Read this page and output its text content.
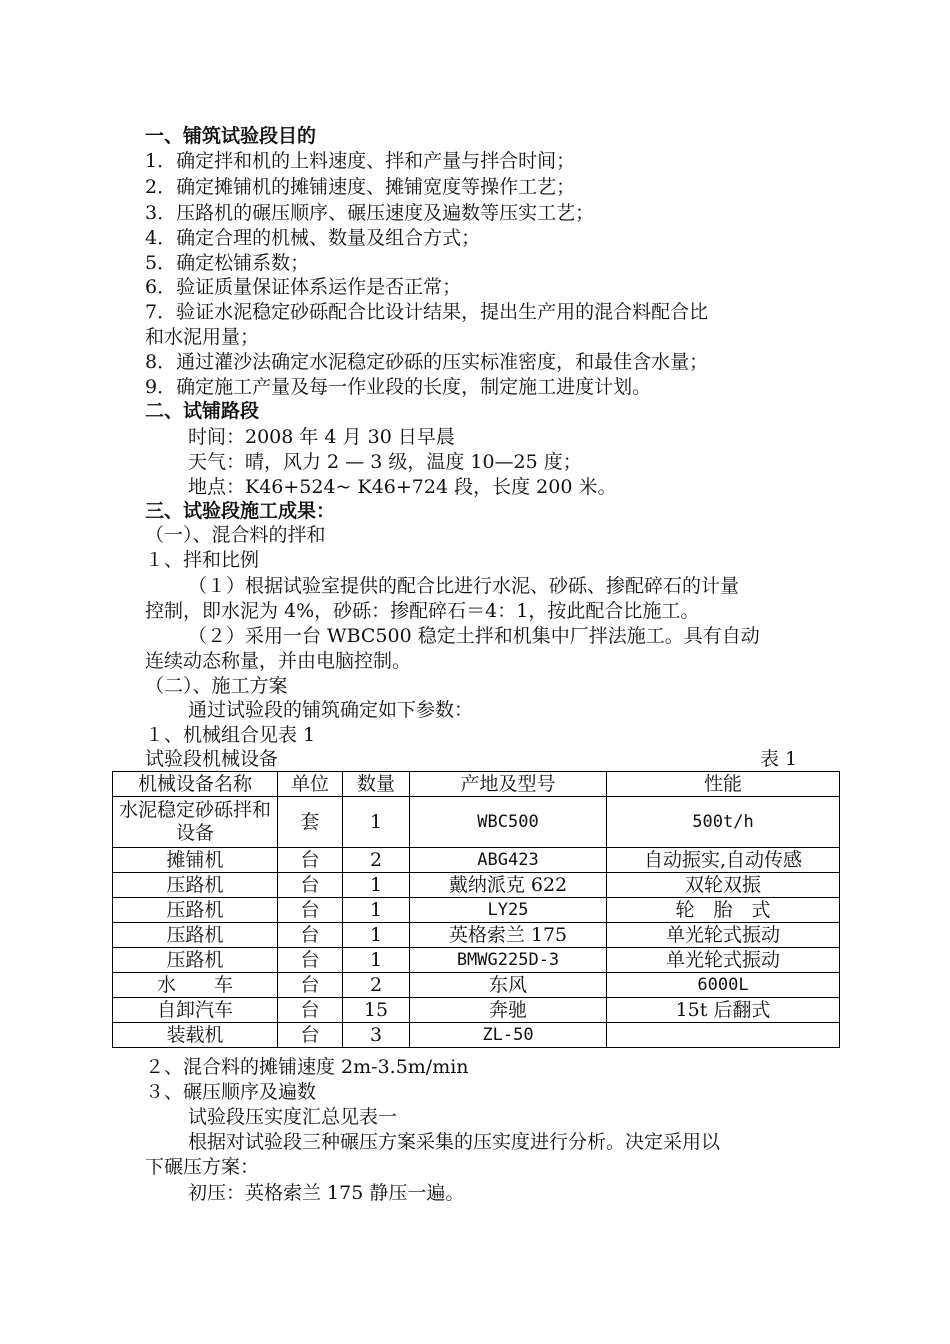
一、铺筑试验段目的
1．确定拌和机的上料速度、拌和产量与拌合时间；
2．确定摊铺机的摊铺速度、摊铺宽度等操作工艺；
3．压路机的碾压顺序、碾压速度及遍数等压实工艺；
4．确定合理的机械、数量及组合方式；
5．确定松铺系数；
6．验证质量保证体系运作是否正常；
7．验证水泥稳定砂砾配合比设计结果，提出生产用的混合料配合比
和水泥用量；
8．通过灌沙法确定水泥稳定砂砾的压实标准密度，和最佳含水量；
9．确定施工产量及每一作业段的长度，制定施工进度计划。
二、试铺路段
时间：2008 年 4 月 30 日早晨
天气：晴，风力 2 — 3 级，温度 10—25 度；
地点：K46+524~ K46+724 段，长度 200 米。
三、试验段施工成果：
（一）、混合料的拌和
１、拌和比例
（１）根据试验室提供的配合比进行水泥、砂砾、掺配碎石的计量
控制，即水泥为 4%，砂砾：掺配碎石＝4：1，按此配合比施工。
（２）采用一台 WBC500 稳定土拌和机集中厂拌法施工。具有自动
连续动态称量，并由电脑控制。
（二）、施工方案
通过试验段的铺筑确定如下参数：
１、机械组合见表 1
试验段机械设备	表 1
机械设备名称	单位	数量	产地及型号	性能
水泥稳定砂砾拌和设备	套	1	WBC500	500t/h
摊铺机	台	2	ABG423	自动振实,自动传感
压路机	台	1	戴纳派克 622	双轮双振
压路机	台	1	LY25	轮　胎　式
压路机	台	1	英格索兰 175	单光轮式振动
压路机	台	1	BMWG225D-3	单光轮式振动
水　　车	台	2	东风	6000L
自卸汽车	台	15	奔驰	15t 后翻式
装载机	台	3	ZL-50	
２、混合料的摊铺速度 2m-3.5m/min
３、碾压顺序及遍数
试验段压实度汇总见表一
根据对试验段三种碾压方案采集的压实度进行分析。决定采用以
下碾压方案：
初压：英格索兰 175 静压一遍。
